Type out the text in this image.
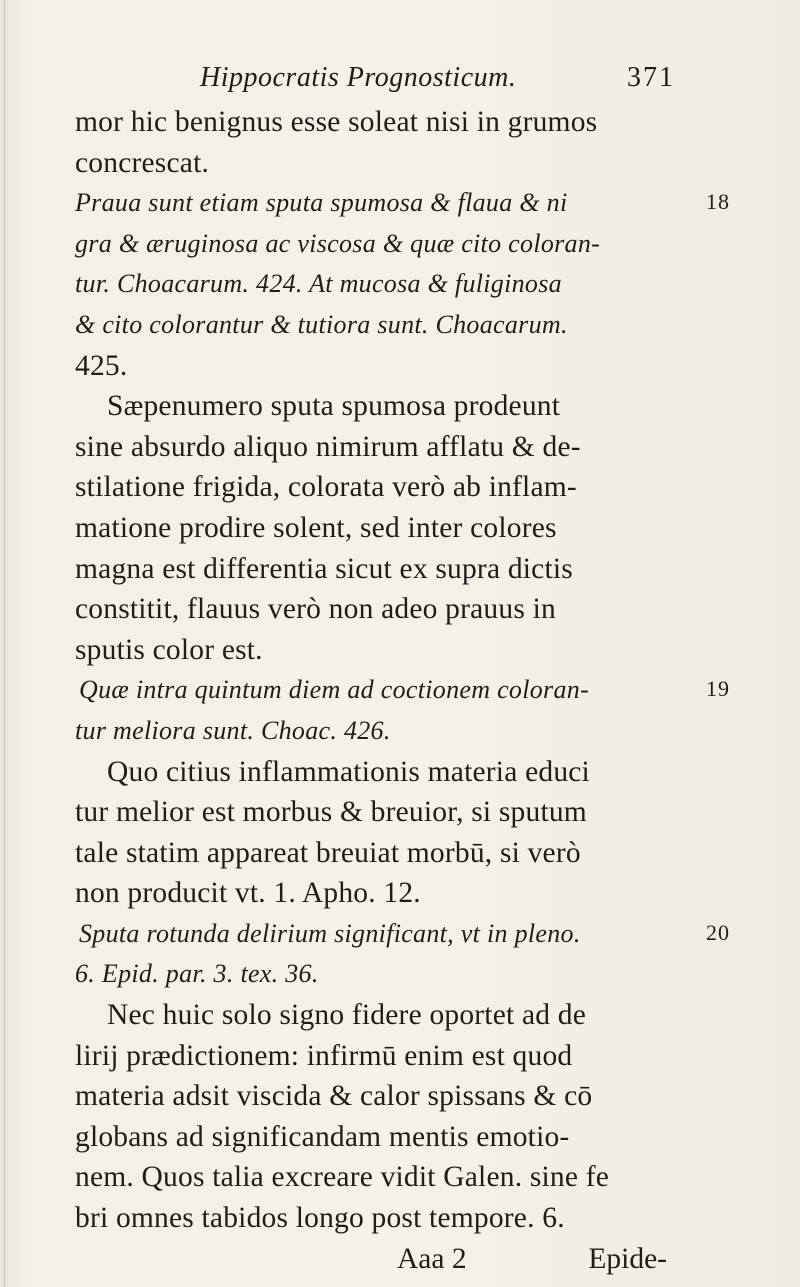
Hippocratis Prognosticum.	371
mor hic benignus esse soleat nisi in grumos
concrescat.
Praua sunt etiam sputa spumosa & flaua & ni
gra & æruginosa ac viscosa & quæ cito coloran-
tur. Choacarum. 424. At mucosa & fuliginosa
& cito colorantur & tutiora sunt. Choacarum.
425.
Sæpenumero sputa spumosa prodeunt
sine absurdo aliquo nimirum afflatu & de-
stilatione frigida, colorata verò ab inflam-
matione prodire solent, sed inter colores
magna est differentia sicut ex supra dictis
constitit, flauus verò non adeo prauus in
sputis color est.
Quæ intra quintum diem ad coctionem coloran-
tur meliora sunt. Choac. 426.
Quo citius inflammationis materia educi
tur melior est morbus & breuior, si sputum
tale statim appareat breuiat morbū, si verò
non producit vt. 1. Apho. 12.
Sputa rotunda delirium significant, vt in pleno.
6. Epid. par. 3. tex. 36.
Nec huic solo signo fidere oportet ad de
lirij prædictionem: infirmū enim est quod
materia adsit viscida & calor spissans & cō
globans ad significandam mentis emotio-
nem. Quos talia excreare vidit Galen. sine fe
bri omnes tabidos longo post tempore. 6.
18
19
20
Aaa 2	Epide-
